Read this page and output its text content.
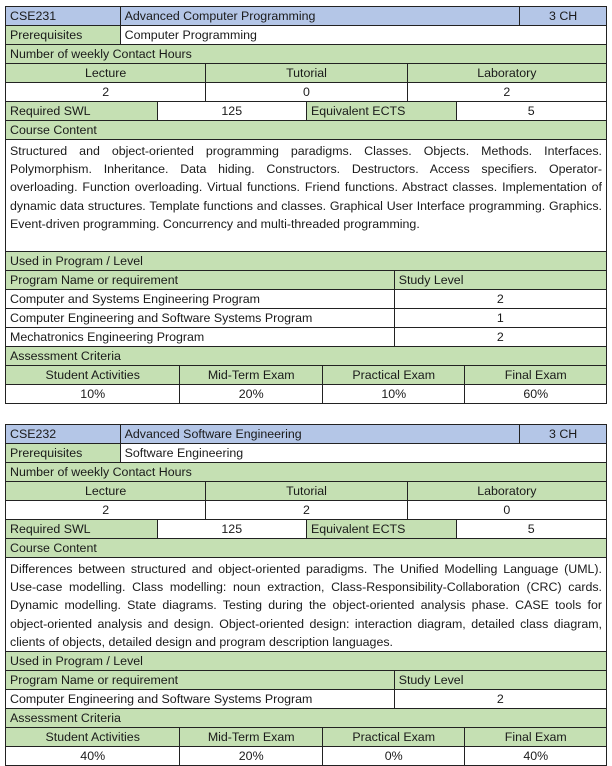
CSE231	Advanced Computer Programming	3 CH
Prerequisites	Computer Programming
Number of weekly Contact Hours
Lecture	Tutorial	Laboratory
2	0	2
Required SWL	125	Equivalent ECTS	5
Course Content
Structured and object-oriented programming paradigms. Classes. Objects. Methods. Interfaces. Polymorphism. Inheritance. Data hiding. Constructors. Destructors. Access specifiers. Operator-overloading. Function overloading. Virtual functions. Friend functions. Abstract classes. Implementation of dynamic data structures. Template functions and classes. Graphical User Interface programming. Graphics. Event-driven programming. Concurrency and multi-threaded programming.
Used in Program / Level
Program Name or requirement	Study Level
Computer and Systems Engineering Program	2
Computer Engineering and Software Systems Program	1
Mechatronics Engineering Program	2
Assessment Criteria
Student Activities	Mid-Term Exam	Practical Exam	Final Exam
10%	20%	10%	60%
CSE232	Advanced Software Engineering	3 CH
Prerequisites	Software Engineering
Number of weekly Contact Hours
Lecture	Tutorial	Laboratory
2	2	0
Required SWL	125	Equivalent ECTS	5
Course Content
Differences between structured and object-oriented paradigms. The Unified Modelling Language (UML). Use-case modelling. Class modelling: noun extraction, Class-Responsibility-Collaboration (CRC) cards. Dynamic modelling. State diagrams. Testing during the object-oriented analysis phase. CASE tools for object-oriented analysis and design. Object-oriented design: interaction diagram, detailed class diagram, clients of objects, detailed design and program description languages.
Used in Program / Level
Program Name or requirement	Study Level
Computer Engineering and Software Systems Program	2
Assessment Criteria
Student Activities	Mid-Term Exam	Practical Exam	Final Exam
40%	20%	0%	40%
